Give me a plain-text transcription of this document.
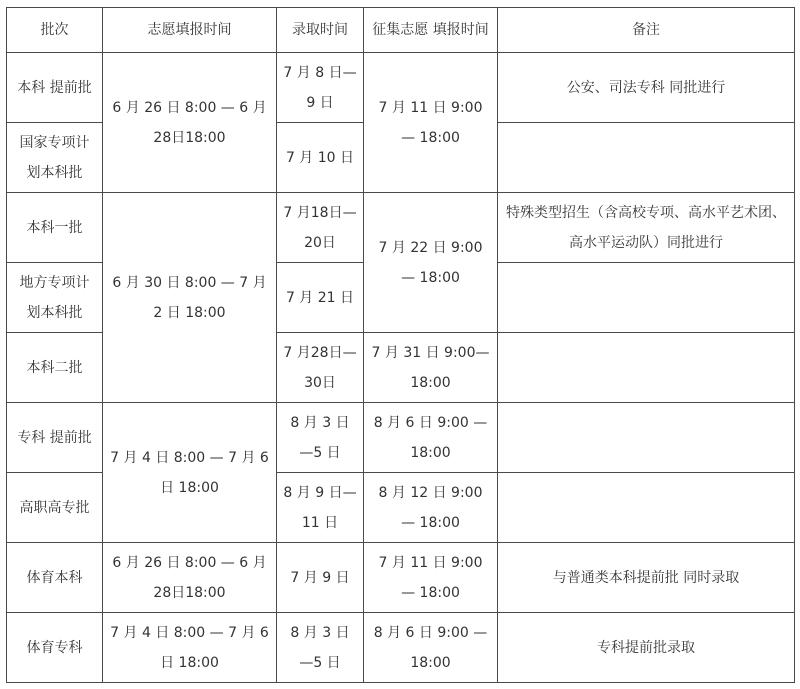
批次	志愿填报时间	录取时间	征集志愿 填报时间	备注
本科 提前批	6 月 26 日 8:00 — 6 月 28日18:00	7 月 8 日— 9 日	7 月 11 日 9:00 — 18:00	公安、司法专科 同批进行
国家专项计划本科批		7 月 10 日		
本科一批	6 月 30 日 8:00 — 7 月 2 日 18:00	7 月18日— 20日	7 月 22 日 9:00 — 18:00	特殊类型招生（含高校专项、高水平艺术团、高水平运动队）同批进行
地方专项计划本科批		7 月 21 日		
本科二批		7 月28日— 30日	7 月 31 日 9:00— 18:00	
专科 提前批	7 月 4 日 8:00 — 7 月 6 日 18:00	8 月 3 日 —5 日	8 月 6 日 9:00 — 18:00	
高职高专批		8 月 9 日— 11 日	8 月 12 日 9:00 — 18:00	
体育本科	6 月 26 日 8:00 — 6 月 28日18:00	7 月 9 日	7 月 11 日 9:00 — 18:00	与普通类本科提前批 同时录取
体育专科	7 月 4 日 8:00 — 7 月 6 日 18:00	8 月 3 日 —5 日	8 月 6 日 9:00 — 18:00	专科提前批录取
